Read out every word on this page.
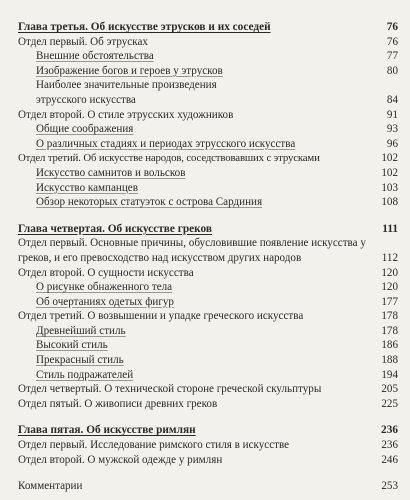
Глава третья. Об искусстве этрусков и их соседей	76
Отдел первый. Об этрусках	76
Внешние обстоятельства	77
Изображение богов и героев у этрусков	80
Наиболее значительные произведения этрусского искусства	84
Отдел второй. О стиле этрусских художников	91
Общие соображения	93
О различных стадиях и периодах этрусского искусства	96
Отдел третий. Об искусстве народов, соседствовавших с этрусками	102
Искусство самнитов и вольсков	102
Искусство кампанцев	103
Обзор некоторых статуэток с острова Сардиния	108
Глава четвертая. Об искусстве греков	111
Отдел первый. Основные причины, обусловившие появление искусства у греков, и его превосходство над искусством других народов	112
Отдел второй. О сущности искусства	120
О рисунке обнаженного тела	120
Об очертаниях одетых фигур	177
Отдел третий. О возвышении и упадке греческого искусства	178
Древнейший стиль	178
Высокий стиль	186
Прекрасный стиль	188
Стиль подражателей	194
Отдел четвертый. О технической стороне греческой скульптуры	205
Отдел пятый. О живописи древних греков	225
Глава пятая. Об искусстве римлян	236
Отдел первый. Исследование римского стиля в искусстве	236
Отдел второй. О мужской одежде у римлян	246
Комментарии	253
